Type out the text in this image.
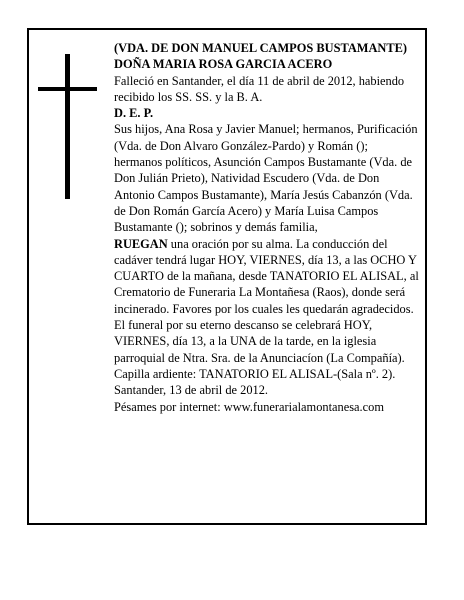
(VDA. DE DON MANUEL CAMPOS BUSTAMANTE)

DOÑA MARIA ROSA GARCIA ACERO

Falleció en Santander, el día 11 de abril de 2012, habiendo recibido los SS. SS. y la B. A.

D. E. P.

Sus hijos, Ana Rosa y Javier Manuel; hermanos, Purificación (Vda. de Don Alvaro González-Pardo) y Román (); hermanos políticos, Asunción Campos Bustamante (Vda. de Don Julián Prieto), Natividad Escudero (Vda. de Don Antonio Campos Bustamante), María Jesús Cabanzón (Vda. de Don Román García Acero) y María Luisa Campos Bustamante (); sobrinos y demás familia,

RUEGAN una oración por su alma. La conducción del cadáver tendrá lugar HOY, VIERNES, día 13, a las OCHO Y CUARTO de la mañana, desde TANATORIO EL ALISAL, al Crematorio de Funeraria La Montañesa (Raos), donde será incinerado. Favores por los cuales les quedarán agradecidos. El funeral por su eterno descanso se celebrará HOY, VIERNES, día 13, a la UNA de la tarde, en la iglesia parroquial de Ntra. Sra. de la Anunciacíon (La Compañía). Capilla ardiente: TANATORIO EL ALISAL-(Sala nº. 2).

Santander, 13 de abril de 2012.

Pésames por internet: www.funerarialamontanesa.com
